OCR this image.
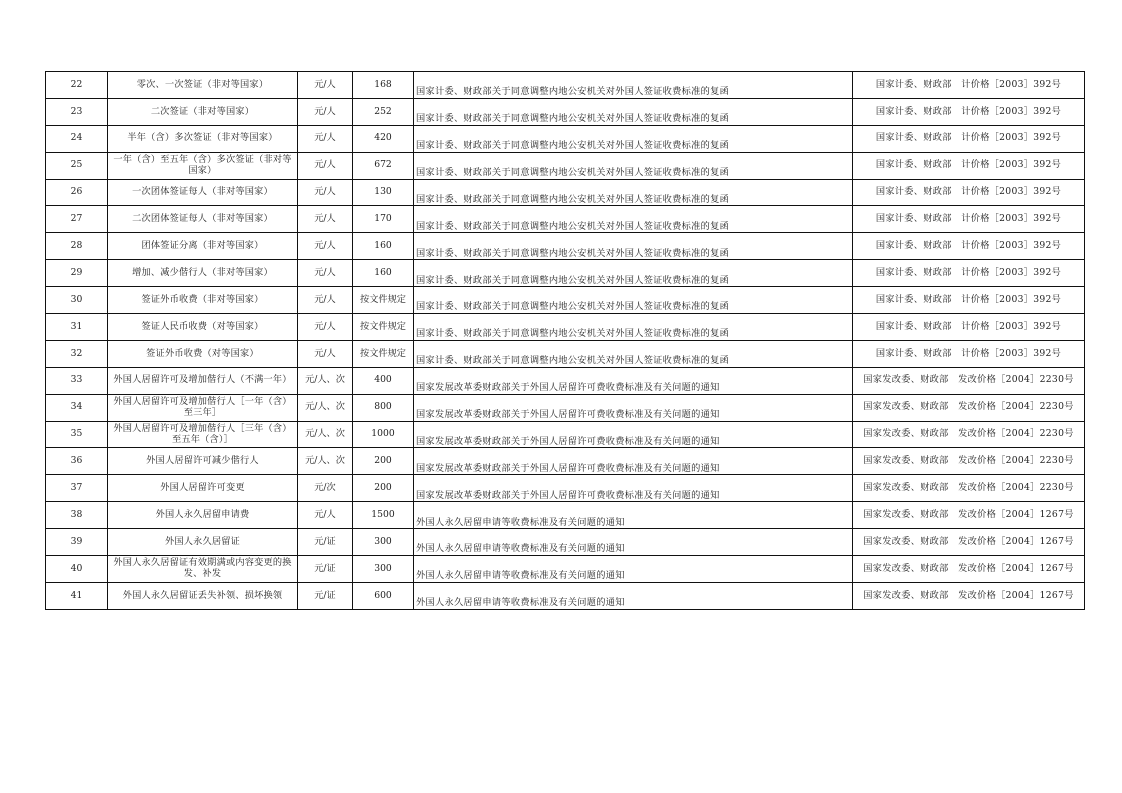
22	零次、一次签证（非对等国家）	元/人	168	国家计委、财政部关于同意调整内地公安机关对外国人签证收费标准的复函	国家计委、财政部　计价格［2003］392号
23	二次签证（非对等国家）	元/人	252	国家计委、财政部关于同意调整内地公安机关对外国人签证收费标准的复函	国家计委、财政部　计价格［2003］392号
24	半年（含）多次签证（非对等国家）	元/人	420	国家计委、财政部关于同意调整内地公安机关对外国人签证收费标准的复函	国家计委、财政部　计价格［2003］392号
25	一年（含）至五年（含）多次签证（非对等国家）	元/人	672	国家计委、财政部关于同意调整内地公安机关对外国人签证收费标准的复函	国家计委、财政部　计价格［2003］392号
26	一次团体签证每人（非对等国家）	元/人	130	国家计委、财政部关于同意调整内地公安机关对外国人签证收费标准的复函	国家计委、财政部　计价格［2003］392号
27	二次团体签证每人（非对等国家）	元/人	170	国家计委、财政部关于同意调整内地公安机关对外国人签证收费标准的复函	国家计委、财政部　计价格［2003］392号
28	团体签证分离（非对等国家）	元/人	160	国家计委、财政部关于同意调整内地公安机关对外国人签证收费标准的复函	国家计委、财政部　计价格［2003］392号
29	增加、减少偕行人（非对等国家）	元/人	160	国家计委、财政部关于同意调整内地公安机关对外国人签证收费标准的复函	国家计委、财政部　计价格［2003］392号
30	签证外币收费（非对等国家）	元/人	按文件规定	国家计委、财政部关于同意调整内地公安机关对外国人签证收费标准的复函	国家计委、财政部　计价格［2003］392号
31	签证人民币收费（对等国家）	元/人	按文件规定	国家计委、财政部关于同意调整内地公安机关对外国人签证收费标准的复函	国家计委、财政部　计价格［2003］392号
32	签证外币收费（对等国家）	元/人	按文件规定	国家计委、财政部关于同意调整内地公安机关对外国人签证收费标准的复函	国家计委、财政部　计价格［2003］392号
33	外国人居留许可及增加偕行人（不满一年）	元/人、次	400	国家发展改革委财政部关于外国人居留许可费收费标准及有关问题的通知	国家发改委、财政部　发改价格［2004］2230号
34	外国人居留许可及增加偕行人［一年（含）至三年］	元/人、次	800	国家发展改革委财政部关于外国人居留许可费收费标准及有关问题的通知	国家发改委、财政部　发改价格［2004］2230号
35	外国人居留许可及增加偕行人［三年（含）至五年（含）］	元/人、次	1000	国家发展改革委财政部关于外国人居留许可费收费标准及有关问题的通知	国家发改委、财政部　发改价格［2004］2230号
36	外国人居留许可减少偕行人	元/人、次	200	国家发展改革委财政部关于外国人居留许可费收费标准及有关问题的通知	国家发改委、财政部　发改价格［2004］2230号
37	外国人居留许可变更	元/次	200	国家发展改革委财政部关于外国人居留许可费收费标准及有关问题的通知	国家发改委、财政部　发改价格［2004］2230号
38	外国人永久居留申请费	元/人	1500	外国人永久居留申请等收费标准及有关问题的通知	国家发改委、财政部　发改价格［2004］1267号
39	外国人永久居留证	元/证	300	外国人永久居留申请等收费标准及有关问题的通知	国家发改委、财政部　发改价格［2004］1267号
40	外国人永久居留证有效期满或内容变更的换发、补发	元/证	300	外国人永久居留申请等收费标准及有关问题的通知	国家发改委、财政部　发改价格［2004］1267号
41	外国人永久居留证丢失补领、损坏换领	元/证	600	外国人永久居留申请等收费标准及有关问题的通知	国家发改委、财政部　发改价格［2004］1267号
